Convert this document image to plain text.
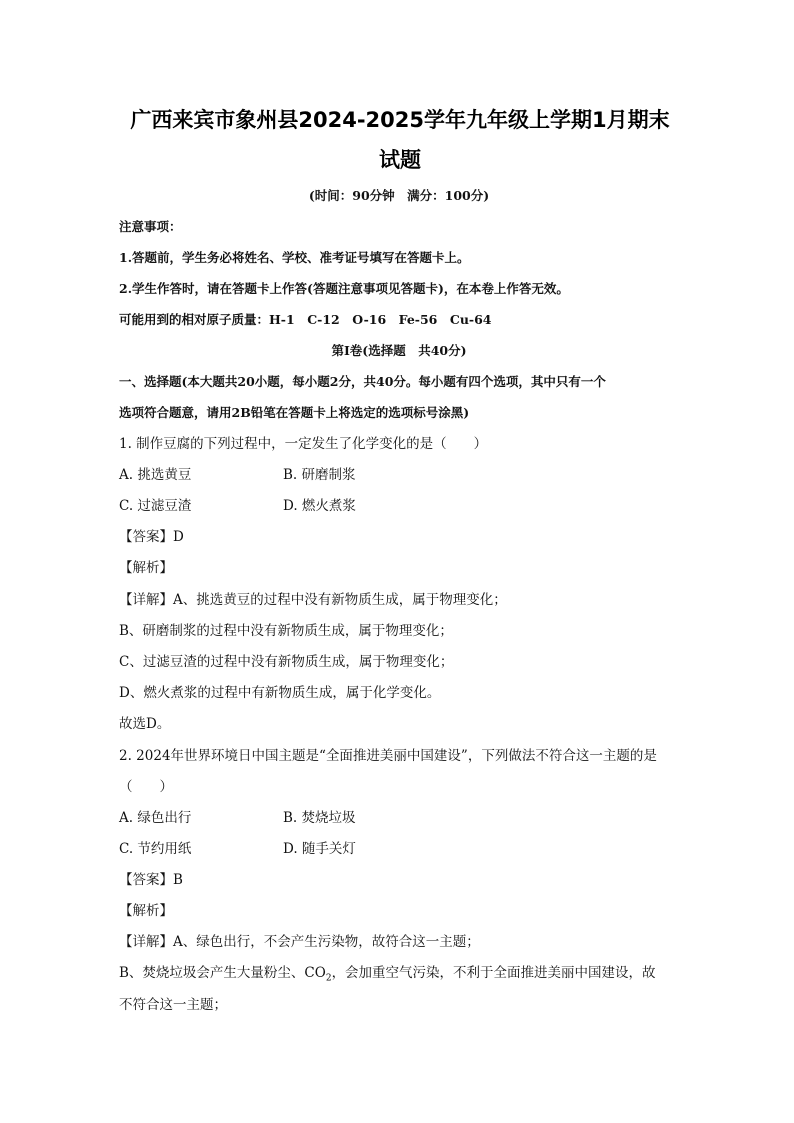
广西来宾市象州县2024-2025学年九年级上学期1月期末
试题
(时间：90分钟　满分：100分)
注意事项：
1.答题前，学生务必将姓名、学校、准考证号填写在答题卡上。
2.学生作答时，请在答题卡上作答(答题注意事项见答题卡)，在本卷上作答无效。
可能用到的相对原子质量：H-1　C-12　O-16　Fe-56　Cu-64
第Ⅰ卷(选择题　共40分)
一、选择题(本大题共20小题，每小题2分，共40分。每小题有四个选项，其中只有一个
选项符合题意，请用2B铅笔在答题卡上将选定的选项标号涂黑)
1. 制作豆腐的下列过程中，一定发生了化学变化的是（　　）
A. 挑选黄豆	B. 研磨制浆
C. 过滤豆渣	D. 燃火煮浆
【答案】D
【解析】
【详解】A、挑选黄豆的过程中没有新物质生成，属于物理变化；
B、研磨制浆的过程中没有新物质生成，属于物理变化；
C、过滤豆渣的过程中没有新物质生成，属于物理变化；
D、燃火煮浆的过程中有新物质生成，属于化学变化。
故选D。
2. 2024年世界环境日中国主题是“全面推进美丽中国建设”，下列做法不符合这一主题的是
（　　）
A. 绿色出行	B. 焚烧垃圾
C. 节约用纸	D. 随手关灯
【答案】B
【解析】
【详解】A、绿色出行，不会产生污染物，故符合这一主题；
B、焚烧垃圾会产生大量粉尘、$CO_2$，会加重空气污染，不利于全面推进美丽中国建设，故
不符合这一主题；
